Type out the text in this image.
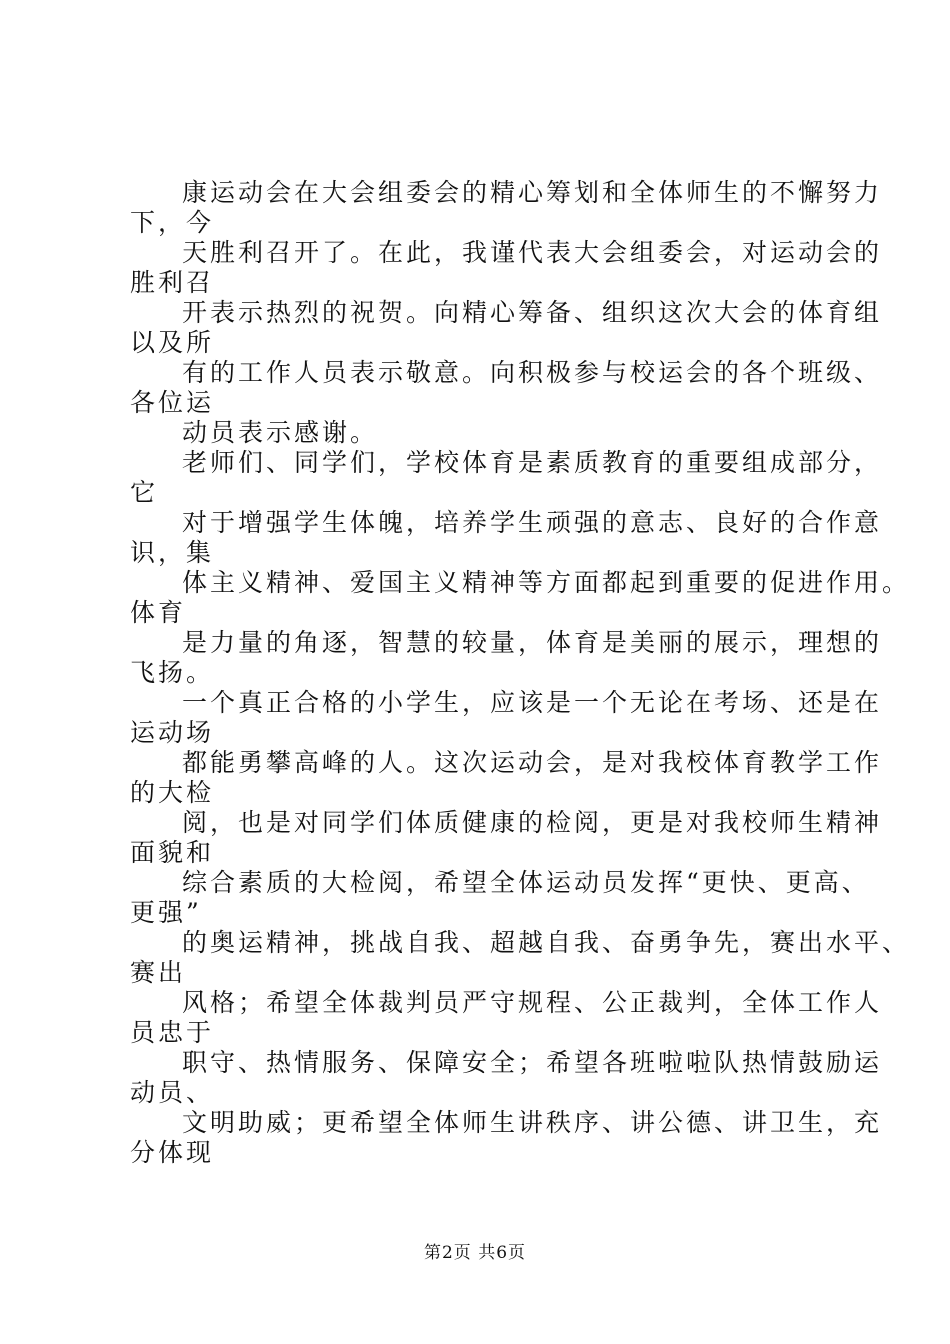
康运动会在大会组委会的精心筹划和全体师生的不懈努力
下，今
天胜利召开了。在此，我谨代表大会组委会，对运动会的
胜利召
开表示热烈的祝贺。向精心筹备、组织这次大会的体育组
以及所
有的工作人员表示敬意。向积极参与校运会的各个班级、
各位运
动员表示感谢。
老师们、同学们，学校体育是素质教育的重要组成部分，
它
对于增强学生体魄，培养学生顽强的意志、良好的合作意
识，集
体主义精神、爱国主义精神等方面都起到重要的促进作用。
体育
是力量的角逐，智慧的较量，体育是美丽的展示，理想的
飞扬。
一个真正合格的小学生，应该是一个无论在考场、还是在
运动场
都能勇攀高峰的人。这次运动会，是对我校体育教学工作
的大检
阅，也是对同学们体质健康的检阅，更是对我校师生精神
面貌和
综合素质的大检阅，希望全体运动员发挥“更快、更高、
更强”
的奥运精神，挑战自我、超越自我、奋勇争先，赛出水平、
赛出
风格；希望全体裁判员严守规程、公正裁判，全体工作人
员忠于
职守、热情服务、保障安全；希望各班啦啦队热情鼓励运
动员、
文明助威；更希望全体师生讲秩序、讲公德、讲卫生，充
分体现
第2页 共6页
